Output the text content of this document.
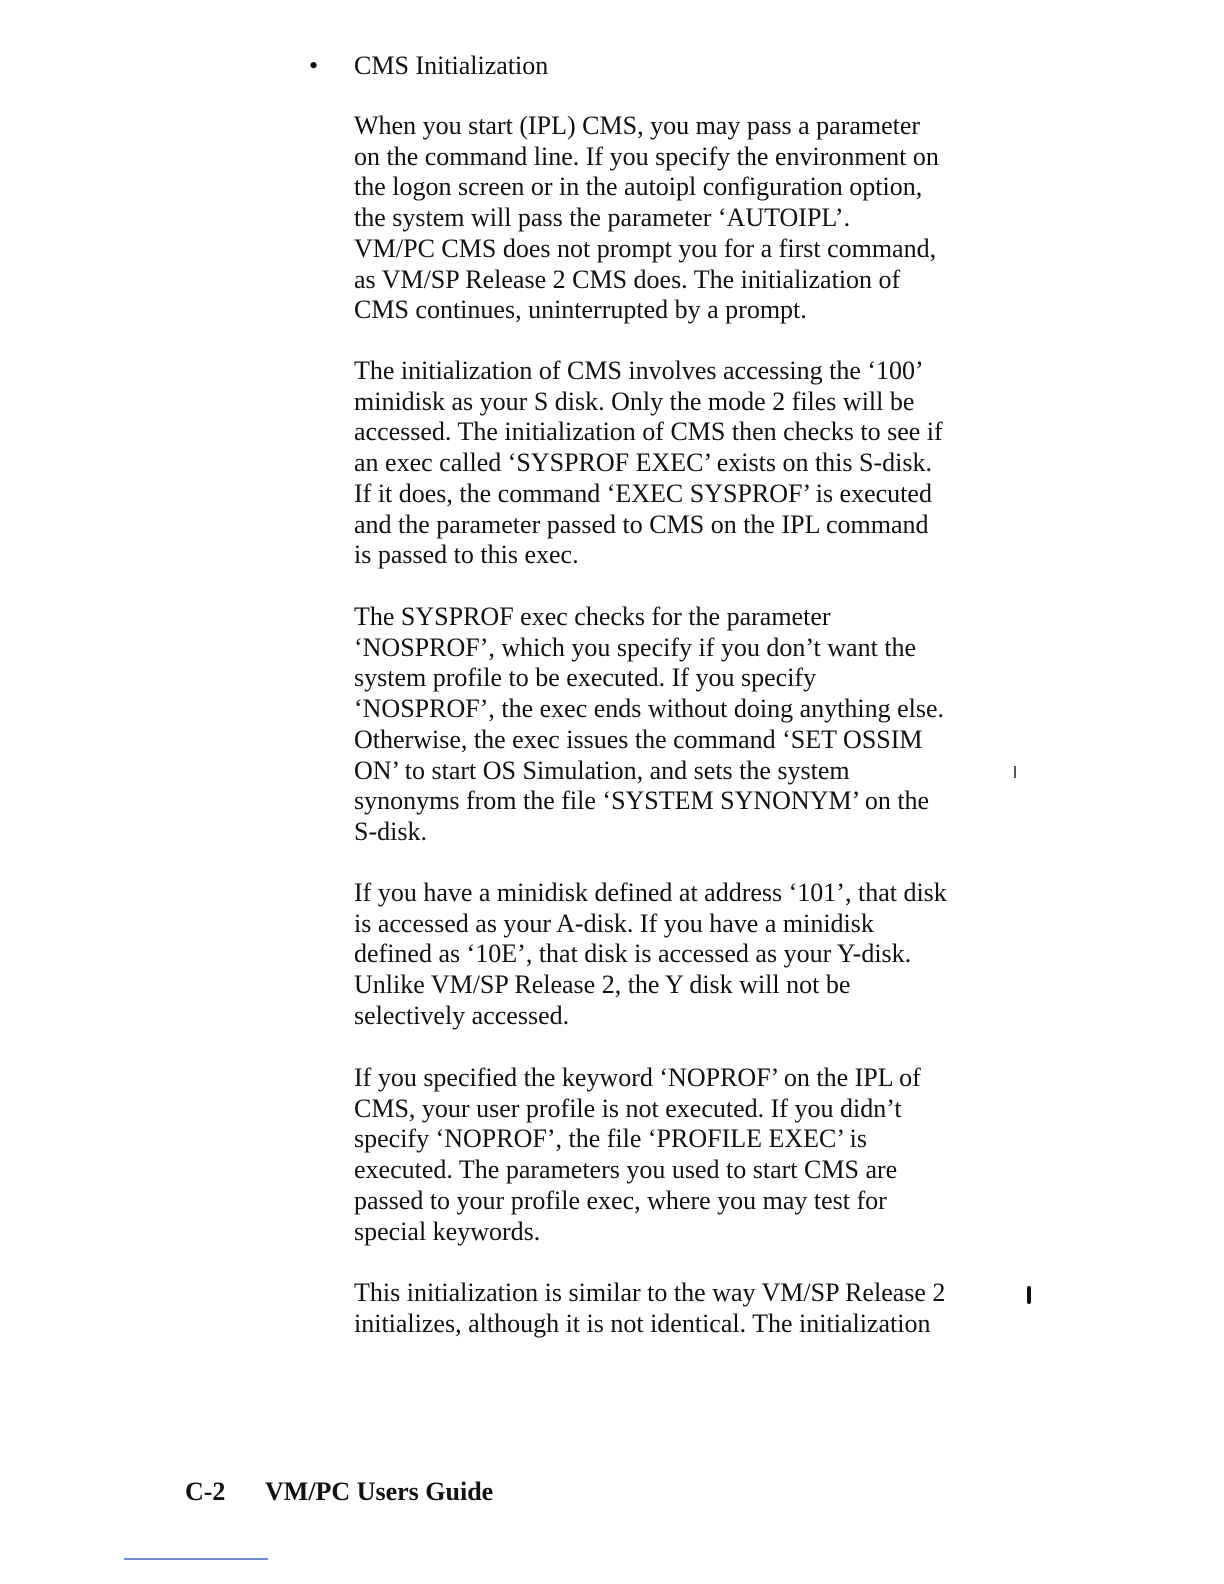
• CMS Initialization

When you start (IPL) CMS, you may pass a parameter
on the command line. If you specify the environment on
the logon screen or in the autoipl configuration option,
the system will pass the parameter ‘AUTOIPL’.
VM/PC CMS does not prompt you for a first command,
as VM/SP Release 2 CMS does. The initialization of
CMS continues, uninterrupted by a prompt.

The initialization of CMS involves accessing the ‘100’
minidisk as your S disk. Only the mode 2 files will be
accessed. The initialization of CMS then checks to see if
an exec called ‘SYSPROF EXEC’ exists on this S-disk.
If it does, the command ‘EXEC SYSPROF’ is executed
and the parameter passed to CMS on the IPL command
is passed to this exec.

The SYSPROF exec checks for the parameter
‘NOSPROF’, which you specify if you don’t want the
system profile to be executed. If you specify
‘NOSPROF’, the exec ends without doing anything else.
Otherwise, the exec issues the command ‘SET OSSIM
ON’ to start OS Simulation, and sets the system
synonyms from the file ‘SYSTEM SYNONYM’ on the
S-disk.

If you have a minidisk defined at address ‘101’, that disk
is accessed as your A-disk. If you have a minidisk
defined as ‘10E’, that disk is accessed as your Y-disk.
Unlike VM/SP Release 2, the Y disk will not be
selectively accessed.

If you specified the keyword ‘NOPROF’ on the IPL of
CMS, your user profile is not executed. If you didn’t
specify ‘NOPROF’, the file ‘PROFILE EXEC’ is
executed. The parameters you used to start CMS are
passed to your profile exec, where you may test for
special keywords.

This initialization is similar to the way VM/SP Release 2
initializes, although it is not identical. The initialization

C-2 VM/PC Users Guide
